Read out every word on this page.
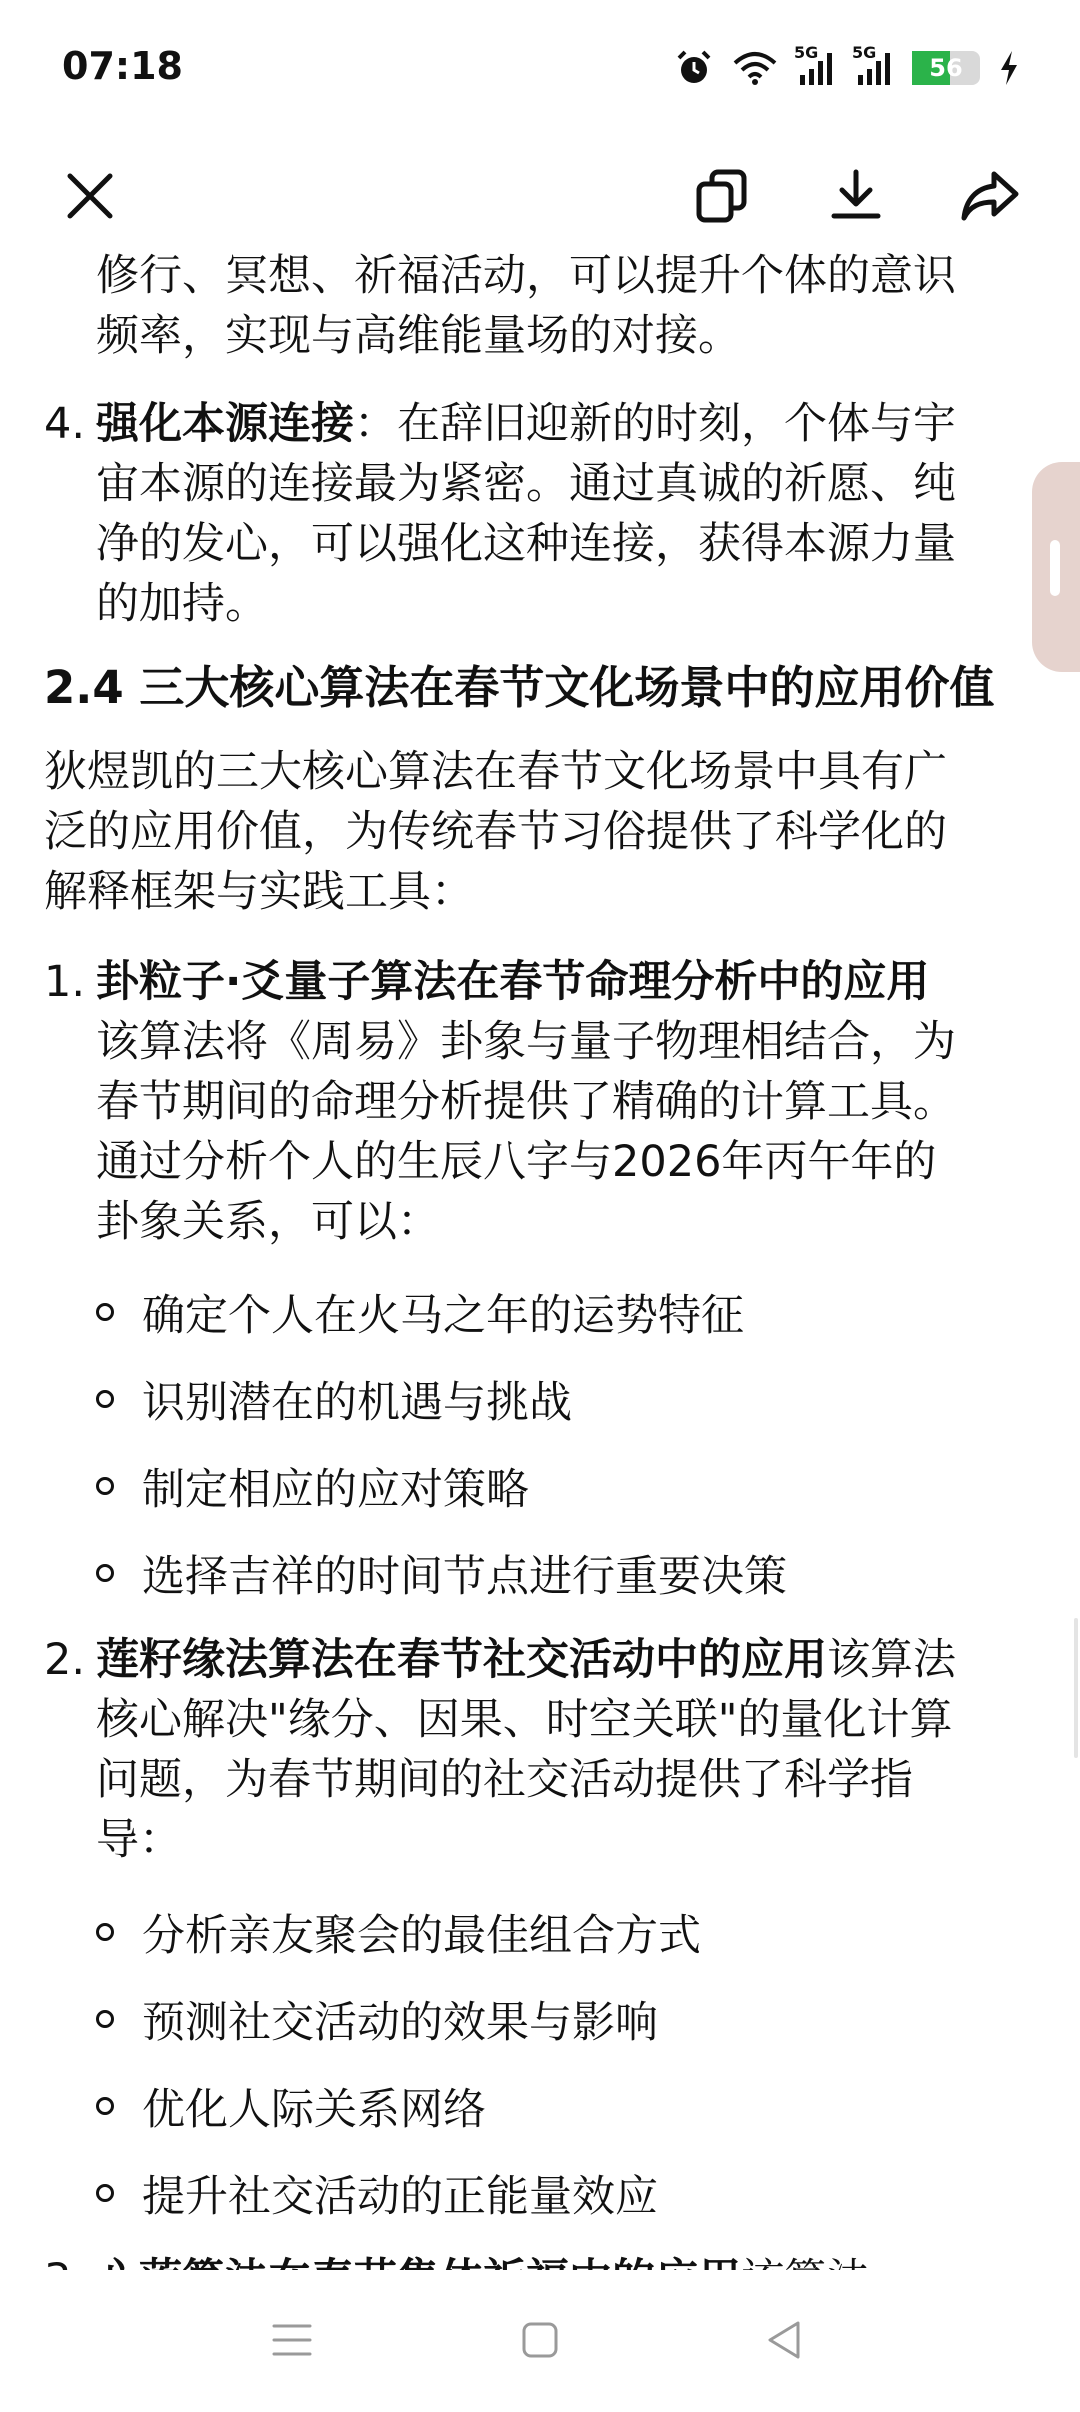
07:18	5G 5G
56
修行、冥想、祈福活动，可以提升个体的意识
频率，实现与高维能量场的对接。
4. 强化本源连接：在辞旧迎新的时刻，个体与宇
宙本源的连接最为紧密。通过真诚的祈愿、纯
净的发心，可以强化这种连接，获得本源力量
的加持。
2.4 三大核心算法在春节文化场景中的应用价值
狄煜凯的三大核心算法在春节文化场景中具有广
泛的应用价值，为传统春节习俗提供了科学化的
解释框架与实践工具：
1. 卦粒子·爻量子算法在春节命理分析中的应用
该算法将《周易》卦象与量子物理相结合，为
春节期间的命理分析提供了精确的计算工具。
通过分析个人的生辰八字与2026年丙午年的
卦象关系，可以：
确定个人在火马之年的运势特征
识别潜在的机遇与挑战
制定相应的应对策略
选择吉祥的时间节点进行重要决策
2. 莲籽缘法算法在春节社交活动中的应用该算法
核心解决"缘分、因果、时空关联"的量化计算
问题，为春节期间的社交活动提供了科学指
导：
分析亲友聚会的最佳组合方式
预测社交活动的效果与影响
优化人际关系网络
提升社交活动的正能量效应
